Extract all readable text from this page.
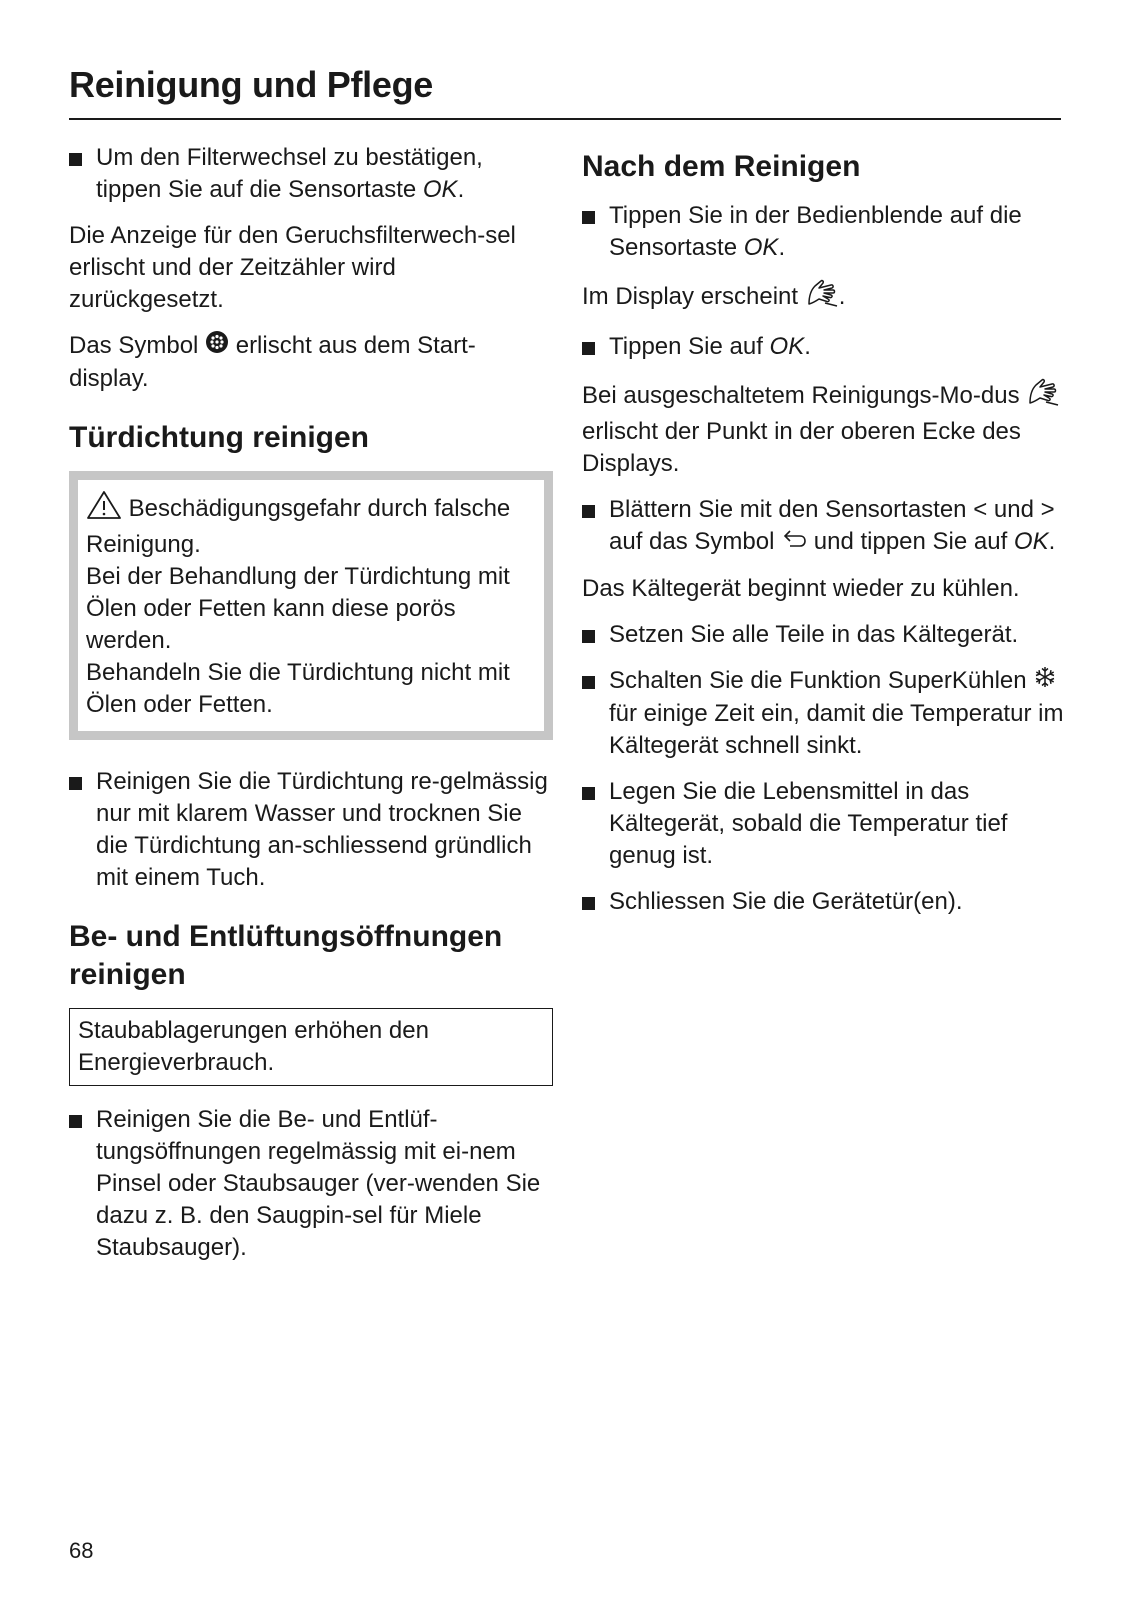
Reinigung und Pflege
Um den Filterwechsel zu bestätigen, tippen Sie auf die Sensortaste OK.

Die Anzeige für den Geruchsfilterwech-sel erlischt und der Zeitzähler wird zurückgesetzt.

Das Symbol  erlischt aus dem Start-display.

Türdichtung reinigen
Beschädigungsgefahr durch falsche Reinigung.
Bei der Behandlung der Türdichtung mit Ölen oder Fetten kann diese porös werden.
Behandeln Sie die Türdichtung nicht mit Ölen oder Fetten.
Reinigen Sie die Türdichtung re-gelmässig nur mit klarem Wasser und trocknen Sie die Türdichtung an-schliessend gründlich mit einem Tuch.
Be- und Entlüftungsöffnungen reinigen
Staubablagerungen erhöhen den Energieverbrauch.
Reinigen Sie die Be- und Entlüf-tungsöffnungen regelmässig mit ei-nem Pinsel oder Staubsauger (ver-wenden Sie dazu z. B. den Saugpin-sel für Miele Staubsauger).
Nach dem Reinigen
Tippen Sie in der Bedienblende auf die Sensortaste OK.

Im Display erscheint .

Tippen Sie auf OK.

Bei ausgeschaltetem Reinigungs-Mo-dus  erlischt der Punkt in der oberen Ecke des Displays.

Blättern Sie mit den Sensortasten < und > auf das Symbol  und tippen Sie auf OK.

Das Kältegerät beginnt wieder zu kühlen.

Setzen Sie alle Teile in das Kältegerät.
Schalten Sie die Funktion SuperKühlen  für einige Zeit ein, damit die Temperatur im Kältegerät schnell sinkt.
Legen Sie die Lebensmittel in das Kältegerät, sobald die Temperatur tief genug ist.
Schliessen Sie die Gerätetür(en).
68
